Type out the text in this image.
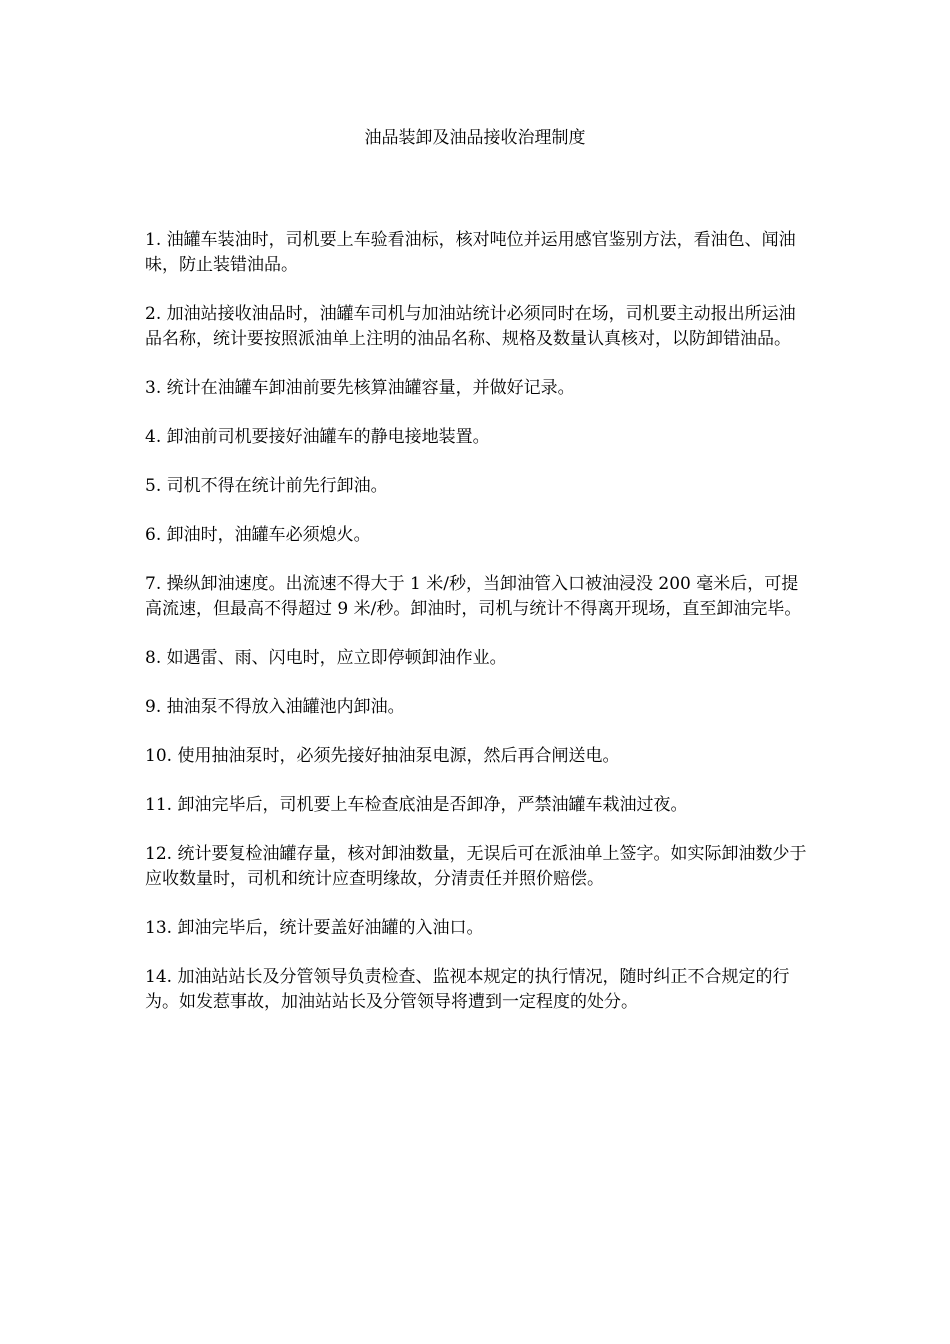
油品装卸及油品接收治理制度

1. 油罐车装油时，司机要上车验看油标，核对吨位并运用感官鉴别方法，看油色、闻油味，防止装错油品。

2. 加油站接收油品时，油罐车司机与加油站统计必须同时在场，司机要主动报出所运油品名称，统计要按照派油单上注明的油品名称、规格及数量认真核对，以防卸错油品。

3. 统计在油罐车卸油前要先核算油罐容量，并做好记录。

4. 卸油前司机要接好油罐车的静电接地装置。

5. 司机不得在统计前先行卸油。

6. 卸油时，油罐车必须熄火。

7. 操纵卸油速度。出流速不得大于 1 米/秒，当卸油管入口被油浸没 200 毫米后，可提高流速，但最高不得超过 9 米/秒。卸油时，司机与统计不得离开现场，直至卸油完毕。

8. 如遇雷、雨、闪电时，应立即停顿卸油作业。

9. 抽油泵不得放入油罐池内卸油。

10. 使用抽油泵时，必须先接好抽油泵电源，然后再合闸送电。

11. 卸油完毕后，司机要上车检查底油是否卸净，严禁油罐车栽油过夜。

12. 统计要复检油罐存量，核对卸油数量，无误后可在派油单上签字。如实际卸油数少于应收数量时，司机和统计应查明缘故，分清责任并照价赔偿。

13. 卸油完毕后，统计要盖好油罐的入油口。

14. 加油站站长及分管领导负责检查、监视本规定的执行情况，随时纠正不合规定的行为。如发惹事故，加油站站长及分管领导将遭到一定程度的处分。
